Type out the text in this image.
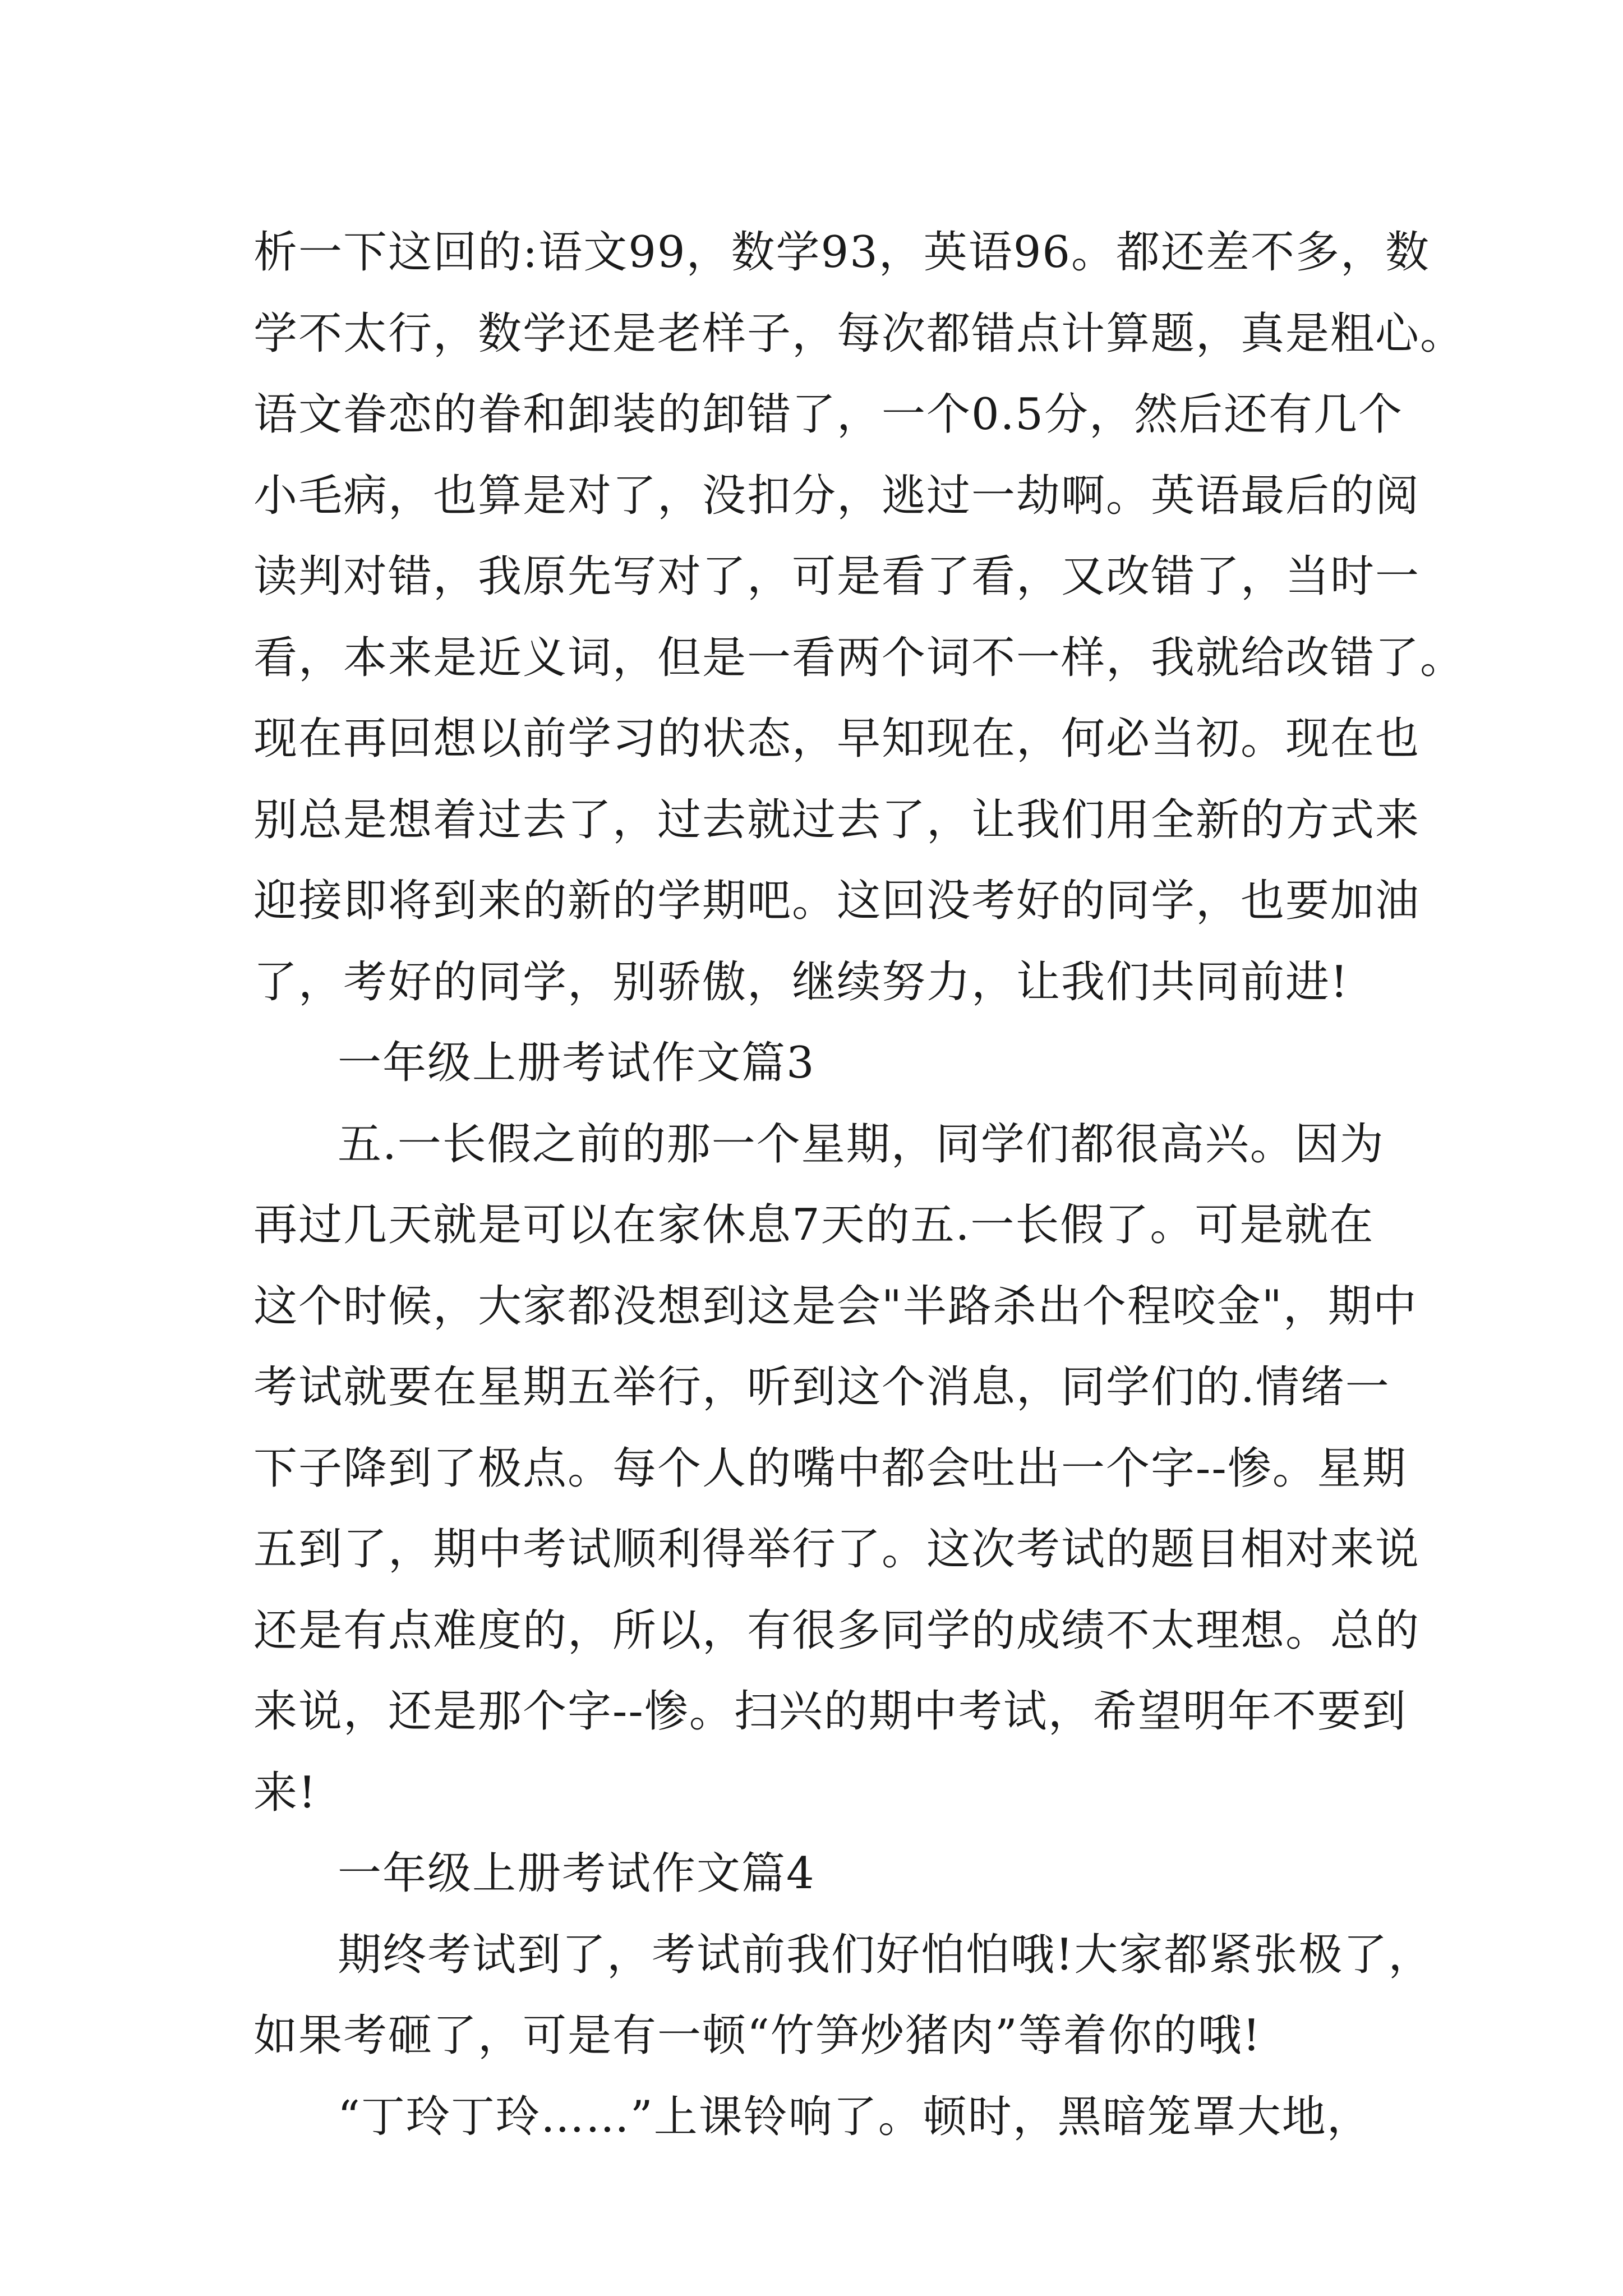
析一下这回的:语文99，数学93，英语96。都还差不多，数
学不太行，数学还是老样子，每次都错点计算题，真是粗心。
语文眷恋的眷和卸装的卸错了，一个0.5分，然后还有几个
小毛病，也算是对了，没扣分，逃过一劫啊。英语最后的阅
读判对错，我原先写对了，可是看了看，又改错了，当时一
看，本来是近义词，但是一看两个词不一样，我就给改错了。
现在再回想以前学习的状态，早知现在，何必当初。现在也
别总是想着过去了，过去就过去了，让我们用全新的方式来
迎接即将到来的新的学期吧。这回没考好的同学，也要加油
了，考好的同学，别骄傲，继续努力，让我们共同前进!
一年级上册考试作文篇3
五.一长假之前的那一个星期，同学们都很高兴。因为
再过几天就是可以在家休息7天的五.一长假了。可是就在
这个时候，大家都没想到这是会"半路杀出个程咬金"，期中
考试就要在星期五举行，听到这个消息，同学们的.情绪一
下子降到了极点。每个人的嘴中都会吐出一个字--惨。星期
五到了，期中考试顺利得举行了。这次考试的题目相对来说
还是有点难度的，所以，有很多同学的成绩不太理想。总的
来说，还是那个字--惨。扫兴的期中考试，希望明年不要到
来!
一年级上册考试作文篇4
期终考试到了，考试前我们好怕怕哦!大家都紧张极了，
如果考砸了，可是有一顿“竹笋炒猪肉”等着你的哦!
“丁玲丁玲……”上课铃响了。顿时，黑暗笼罩大地，
